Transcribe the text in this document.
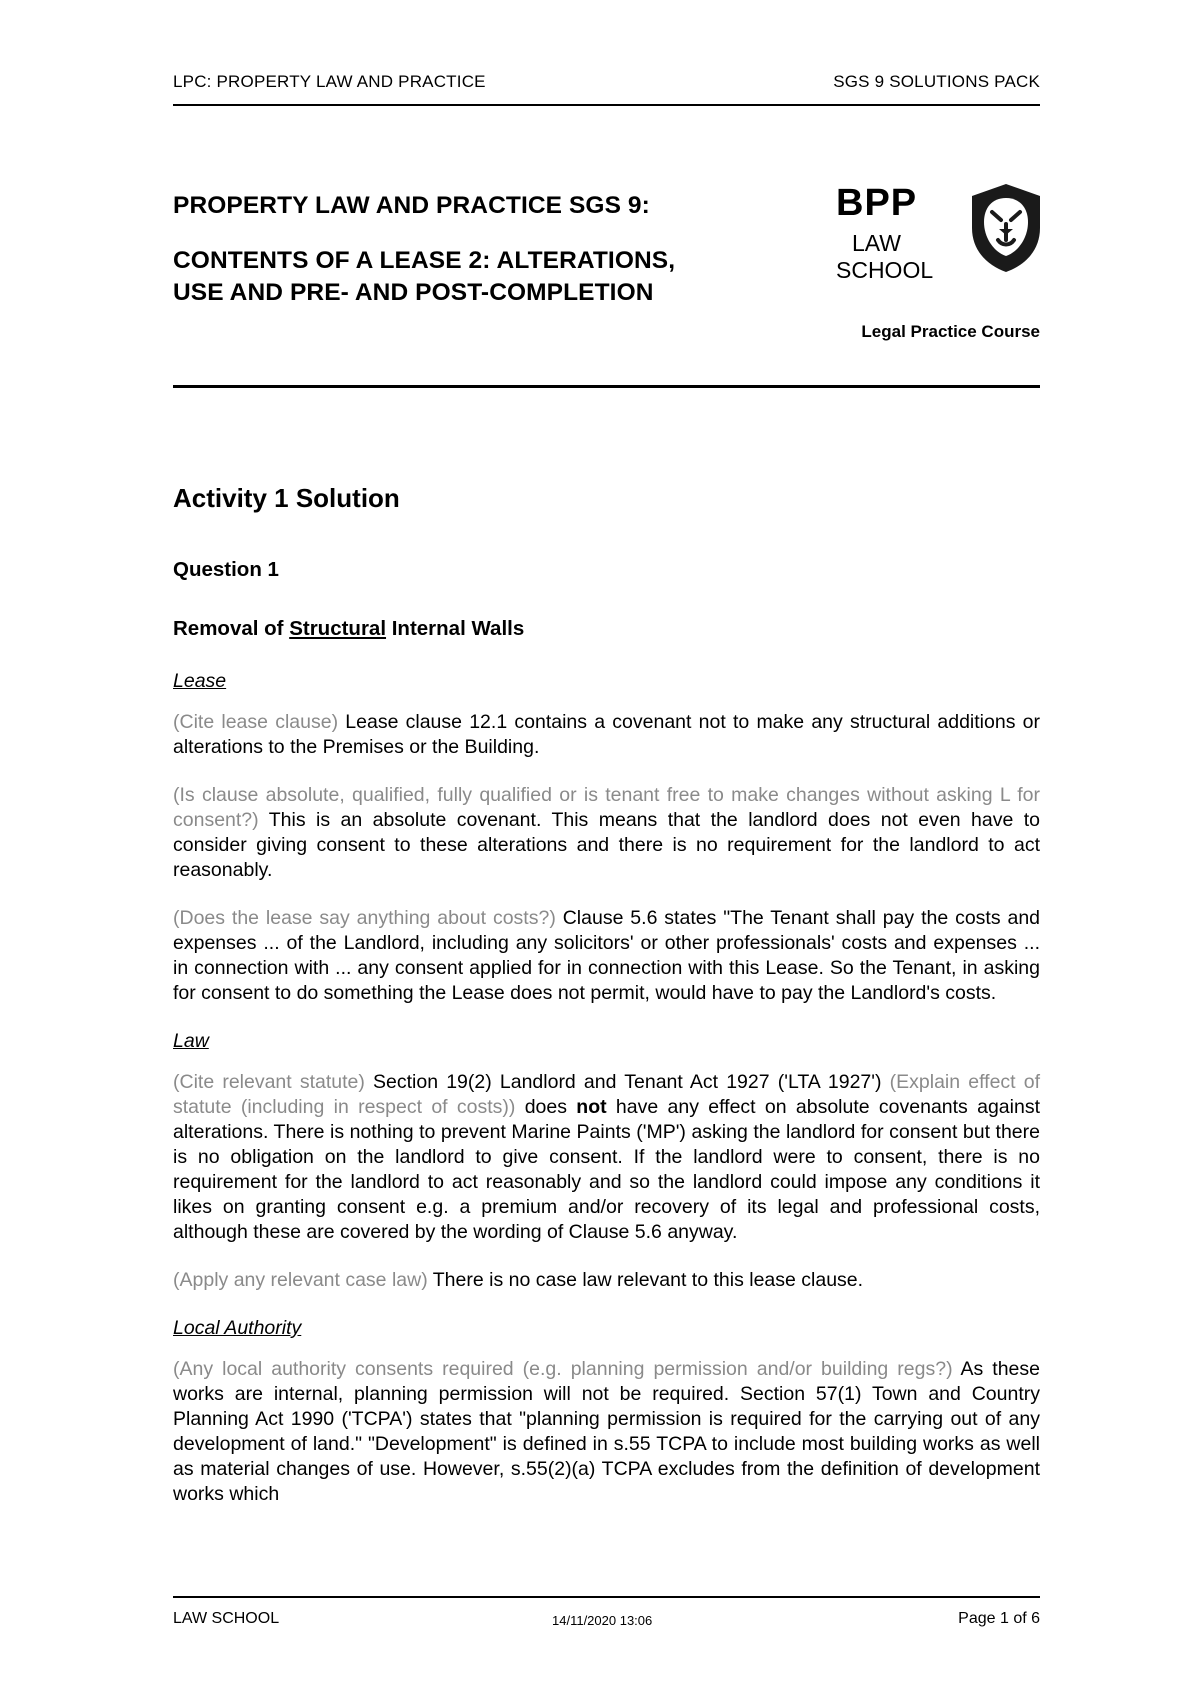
LPC: PROPERTY LAW AND PRACTICE	SGS 9 SOLUTIONS PACK
PROPERTY LAW AND PRACTICE SGS 9:
CONTENTS OF A LEASE 2: ALTERATIONS,
USE AND PRE- AND POST-COMPLETION
BPP
LAW
SCHOOL
Legal Practice Course
Activity 1 Solution
Question 1
Removal of Structural Internal Walls
Lease

(Cite lease clause) Lease clause 12.1 contains a covenant not to make any structural additions or alterations to the Premises or the Building.

(Is clause absolute, qualified, fully qualified or is tenant free to make changes without asking L for consent?) This is an absolute covenant. This means that the landlord does not even have to consider giving consent to these alterations and there is no requirement for the landlord to act reasonably.

(Does the lease say anything about costs?) Clause 5.6 states "The Tenant shall pay the costs and expenses ... of the Landlord, including any solicitors' or other professionals' costs and expenses ... in connection with ... any consent applied for in connection with this Lease. So the Tenant, in asking for consent to do something the Lease does not permit, would have to pay the Landlord's costs.

Law

(Cite relevant statute) Section 19(2) Landlord and Tenant Act 1927 ('LTA 1927') (Explain effect of statute (including in respect of costs)) does not have any effect on absolute covenants against alterations. There is nothing to prevent Marine Paints ('MP') asking the landlord for consent but there is no obligation on the landlord to give consent. If the landlord were to consent, there is no requirement for the landlord to act reasonably and so the landlord could impose any conditions it likes on granting consent e.g. a premium and/or recovery of its legal and professional costs, although these are covered by the wording of Clause 5.6 anyway.

(Apply any relevant case law) There is no case law relevant to this lease clause.

Local Authority

(Any local authority consents required (e.g. planning permission and/or building regs?) As these works are internal, planning permission will not be required. Section 57(1) Town and Country Planning Act 1990 ('TCPA') states that "planning permission is required for the carrying out of any development of land." "Development" is defined in s.55 TCPA to include most building works as well as material changes of use. However, s.55(2)(a) TCPA excludes from the definition of development works which

LAW SCHOOL	14/11/2020 13:06	Page 1 of 6
